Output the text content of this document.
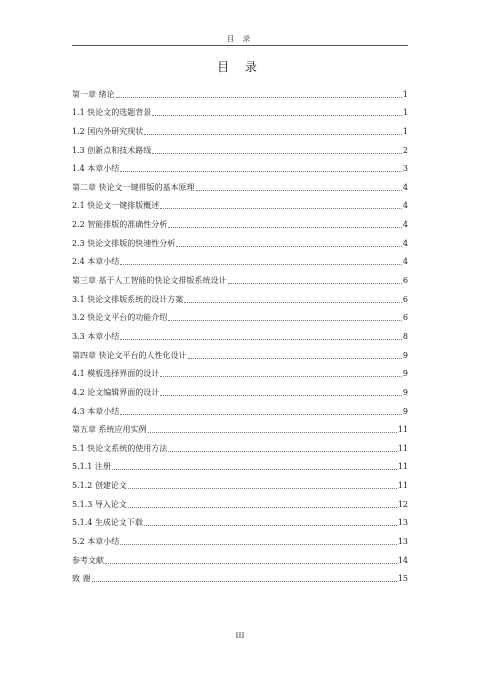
目 录
目 录
第一章 绪论	1
1.1 快论文的选题背景	1
1.2 国内外研究现状	1
1.3 创新点和技术路线	2
1.4 本章小结	3
第二章 快论文一键排版的基本原理	4
2.1 快论文一键排版概述	4
2.2 智能排版的准确性分析	4
2.3 快论文排版的快速性分析	4
2.4 本章小结	4
第三章 基于人工智能的快论文排版系统设计	6
3.1 快论文排版系统的设计方案	6
3.2 快论文平台的功能介绍	6
3.3 本章小结	8
第四章 快论文平台的人性化设计	9
4.1 模板选择界面的设计	9
4.2 论文编辑界面的设计	9
4.3 本章小结	9
第五章 系统应用实例	11
5.1 快论文系统的使用方法	11
5.1.1 注册	11
5.1.2 创建论文	11
5.1.3 导入论文	12
5.1.4 生成论文下载	13
5.2 本章小结	13
参考文献	14
致 谢	15
III
